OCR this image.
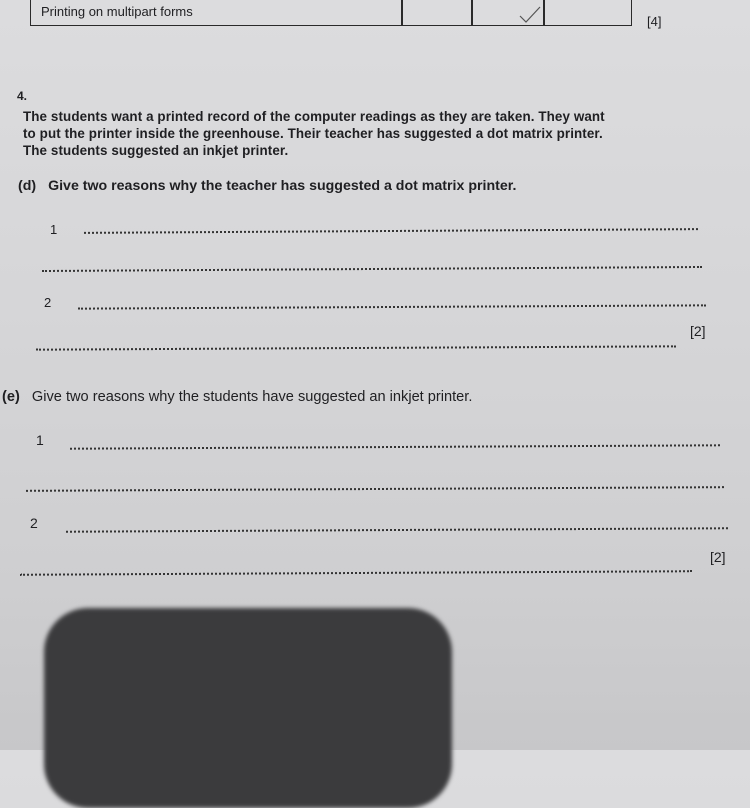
Printing on multipart forms
[4]
4.
The students want a printed record of the computer readings as they are taken. They want
to put the printer inside the greenhouse. Their teacher has suggested a dot matrix printer.
The students suggested an inkjet printer.
(d) Give two reasons why the teacher has suggested a dot matrix printer.
1
2
[2]
(e) Give two reasons why the students have suggested an inkjet printer.
1
2
[2]
